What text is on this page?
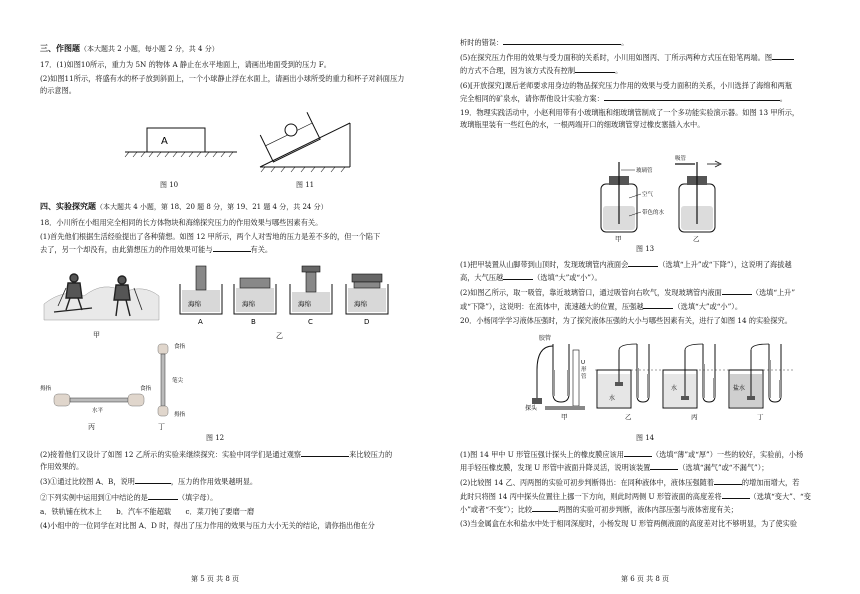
三、作图题（本大题共 2 小题，每小题 2 分，共 4 分）

17．(1)如图10所示，重力为 5N 的物体 A 静止在水平地面上，请画出地面受到的压力 F。

(2)如图11所示，将盛有水的杯子放到斜面上，一个小球静止浮在水面上，请画出小球所受的重力和杯子对斜面压力的示意图。

A
图 10	图 11
四、实验探究题（本大题共 4 小题，第 18、20 题 8 分，第 19、21 题 4 分，共 24 分）

18．小川所在小组用完全相同的长方体物块和海绵探究压力的作用效果与哪些因素有关。

(1)首先他们根据生活经验提出了各种猜想。如图 12 甲所示，两个人对雪地的压力是差不多的，但一个陷下

去了，另一个却没有，由此猜想压力的作用效果可能与	有关。

甲
海绵
A
海绵
B
海绵
C
海绵
D
乙
拇指	食指
水平
丙
食指
笔尖
拇指
丁
图 12

(2)接着他们又设计了如图 12 乙所示的实验来继续探究：实验中同学们是通过观察	来比较压力的

作用效果的。

(3)①通过比较图 A、B，说明	，压力的作用效果越明显。

②下列实例中运用到①中结论的是	（填字母）。

a．铁轨铺在枕木上　　b．汽车不能超载　　c．菜刀钝了要磨一磨

(4)小组中的一位同学在对比图 A、D 时，得出了压力作用的效果与压力大小无关的结论，请你指出他在分

第 5 页 共 8 页

析时的错误：	。

(5)在探究压力作用的效果与受力面积的关系时，小川用如图丙、丁所示两种方式压在铅笔两端。图

的方式不合理，因为该方式没有控制	。

(6)[开放探究]课后老师要求用身边的物品探究压力作用的效果与受力面积的关系，小川选择了海绵和两瓶

完全相同的矿泉水，请你帮他设计实验方案：	。

19．物理实践活动中，小赵利用带有小玻璃瓶和细玻璃管制成了一个多功能实验演示器。如图 13 甲所示，

玻璃瓶里装有一些红色的水，一根两端开口的细玻璃管穿过橡皮塞插入水中。

玻璃管
空气
带色的水
吸管
甲	乙
图 13

(1)把甲装置从山脚带到山顶时，发现玻璃管内液面会	（选填“上升”或“下降”），这说明了海拔越

高，大气压越	（选填“大”或“小”）。

(2)如图乙所示，取一吸管，靠近玻璃管口，通过吸管向右吹气，发现玻璃管内液面	（选填“上升”

或“下降”），这说明：在流体中，流速越大的位置，压强越	（选填“大”或“小”）。

20．小杨同学学习液体压强时，为了探究液体压强的大小与哪些因素有关，进行了如图 14 的实验探究。

胶管
探头
U
形
管
甲
水
乙
水
丙
盐水
丁
图 14

(1)图 14 甲中 U 形管压强计探头上的橡皮膜应该用	（选填“薄”或“厚”）一些的较好，实验前，小杨

用手轻压橡皮膜，发现 U 形管中液面升降灵活，说明该装置	（选填“漏气”或“不漏气”）；

(2)比较图 14 乙、丙两图的实验可初步判断得出：在同种液体中，液体压强随着	的增加而增大，若

此时只将图 14 丙中探头位置往上挪一下方向，则此时两侧 U 形管液面的高度差将	（选填“变大”、“变

小”或者“不变”）；比较	两图的实验可初步判断，液体内部压强与液体密度有关；

(3)当金属盒在水和盐水中处于相同深度时，小杨发现 U 形管两侧液面的高度差对比不够明显，为了使实验

第 6 页 共 8 页
